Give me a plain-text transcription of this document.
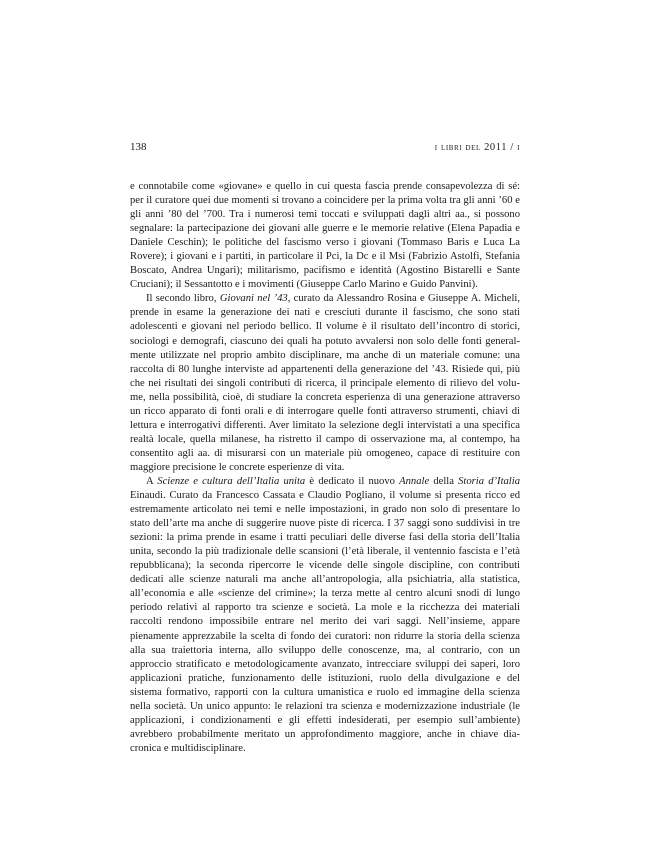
138	i libri del 2011 / i

e connotabile come «giovane» e quello in cui questa fascia prende consapevolezza di sé: per il curatore quei due momenti si trovano a coincidere per la prima volta tra gli anni ’60 e gli anni ’80 del ’700. Tra i numerosi temi toccati e sviluppati dagli altri aa., si possono segnalare: la partecipazione dei giovani alle guerre e le memorie relative (Elena Papadia e Daniele Ceschin); le politiche del fascismo verso i giovani (Tommaso Baris e Luca La Rovere); i giovani e i partiti, in particolare il Pci, la Dc e il Msi (Fabrizio Astolfi, Stefania Boscato, Andrea Ungari); militarismo, pacifismo e identità (Agostino Bistarelli e Sante Cruciani); il Sessantotto e i movimenti (Giuseppe Carlo Marino e Guido Panvini).

Il secondo libro, Giovani nel ’43, curato da Alessandro Rosina e Giuseppe A. Micheli, prende in esame la generazione dei nati e cresciuti durante il fascismo, che sono stati adolescenti e giovani nel periodo bellico. Il volume è il risultato dell’incontro di storici, sociologi e demografi, ciascuno dei quali ha potuto avvalersi non solo delle fonti generalmente utilizzate nel proprio ambito disciplinare, ma anche di un materiale comune: una raccolta di 80 lunghe interviste ad appartenenti della generazione del ’43. Risiede qui, più che nei risultati dei singoli contributi di ricerca, il principale elemento di rilievo del volume, nella possibilità, cioè, di studiare la concreta esperienza di una generazione attraverso un ricco apparato di fonti orali e di interrogare quelle fonti attraverso strumenti, chiavi di lettura e interrogativi differenti. Aver limitato la selezione degli intervistati a una specifica realtà locale, quella milanese, ha ristretto il campo di osservazione ma, al contempo, ha consentito agli aa. di misurarsi con un materiale più omogeneo, capace di restituire con maggiore precisione le concrete esperienze di vita.

A Scienze e cultura dell’Italia unita è dedicato il nuovo Annale della Storia d’Italia Einaudi. Curato da Francesco Cassata e Claudio Pogliano, il volume si presenta ricco ed estremamente articolato nei temi e nelle impostazioni, in grado non solo di presentare lo stato dell’arte ma anche di suggerire nuove piste di ricerca. I 37 saggi sono suddivisi in tre sezioni: la prima prende in esame i tratti peculiari delle diverse fasi della storia dell’Italia unita, secondo la più tradizionale delle scansioni (l’età liberale, il ventennio fascista e l’età repubblicana); la seconda ripercorre le vicende delle singole discipline, con contributi dedicati alle scienze naturali ma anche all’antropologia, alla psichiatria, alla statistica, all’economia e alle «scienze del crimine»; la terza mette al centro alcuni snodi di lungo periodo relativi al rapporto tra scienze e società. La mole e la ricchezza dei materiali raccolti rendono impossibile entrare nel merito dei vari saggi. Nell’insieme, appare pienamente apprezzabile la scelta di fondo dei curatori: non ridurre la storia della scienza alla sua traiettoria interna, allo sviluppo delle conoscenze, ma, al contrario, con un approccio stratificato e metodologicamente avanzato, intrecciare sviluppi dei saperi, loro applicazioni pratiche, funzionamento delle istituzioni, ruolo della divulgazione e del sistema formativo, rapporti con la cultura umanistica e ruolo ed immagine della scienza nella società. Un unico appunto: le relazioni tra scienza e modernizzazione industriale (le applicazioni, i condizionamenti e gli effetti indesiderati, per esempio sull’ambiente) avrebbero probabilmente meritato un approfondimento maggiore, anche in chiave diacronica e multidisciplinare.
